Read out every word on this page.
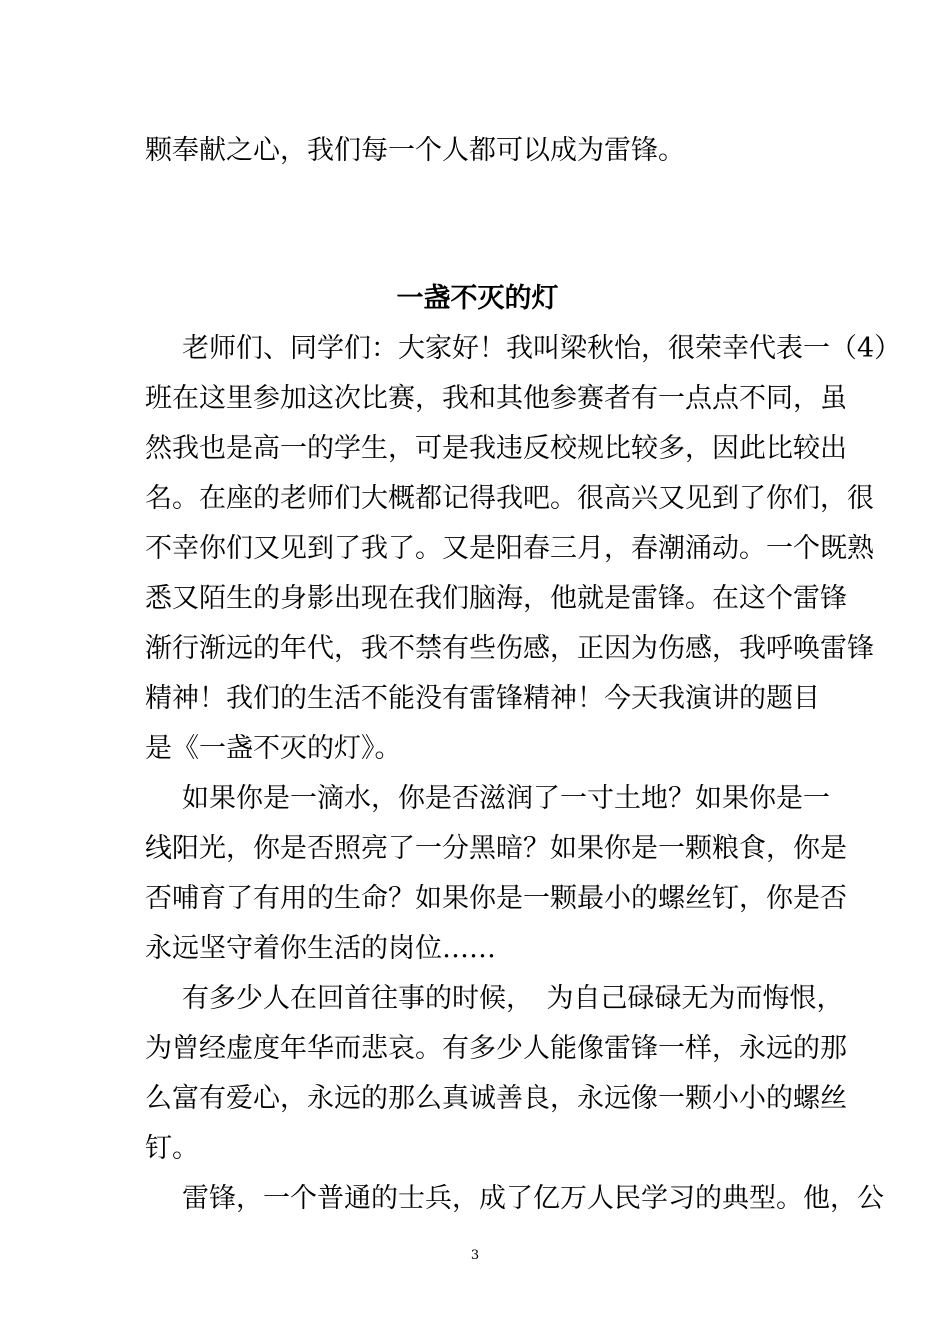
颗奉献之心，我们每一个人都可以成为雷锋。
一盏不灭的灯
老师们、同学们：大家好！我叫梁秋怡，很荣幸代表一（4）
班在这里参加这次比赛，我和其他参赛者有一点点不同，虽
然我也是高一的学生，可是我违反校规比较多，因此比较出
名。在座的老师们大概都记得我吧。很高兴又见到了你们，很
不幸你们又见到了我了。又是阳春三月，春潮涌动。一个既熟
悉又陌生的身影出现在我们脑海，他就是雷锋。在这个雷锋
渐行渐远的年代，我不禁有些伤感，正因为伤感，我呼唤雷锋
精神！我们的生活不能没有雷锋精神！今天我演讲的题目
是《一盏不灭的灯》。
如果你是一滴水，你是否滋润了一寸土地？如果你是一
线阳光，你是否照亮了一分黑暗？如果你是一颗粮食，你是
否哺育了有用的生命？如果你是一颗最小的螺丝钉，你是否
永远坚守着你生活的岗位……
有多少人在回首往事的时候，　为自己碌碌无为而悔恨，
为曾经虚度年华而悲哀。有多少人能像雷锋一样，永远的那
么富有爱心，永远的那么真诚善良，永远像一颗小小的螺丝
钉。
雷锋，一个普通的士兵，成了亿万人民学习的典型。他，公
3
